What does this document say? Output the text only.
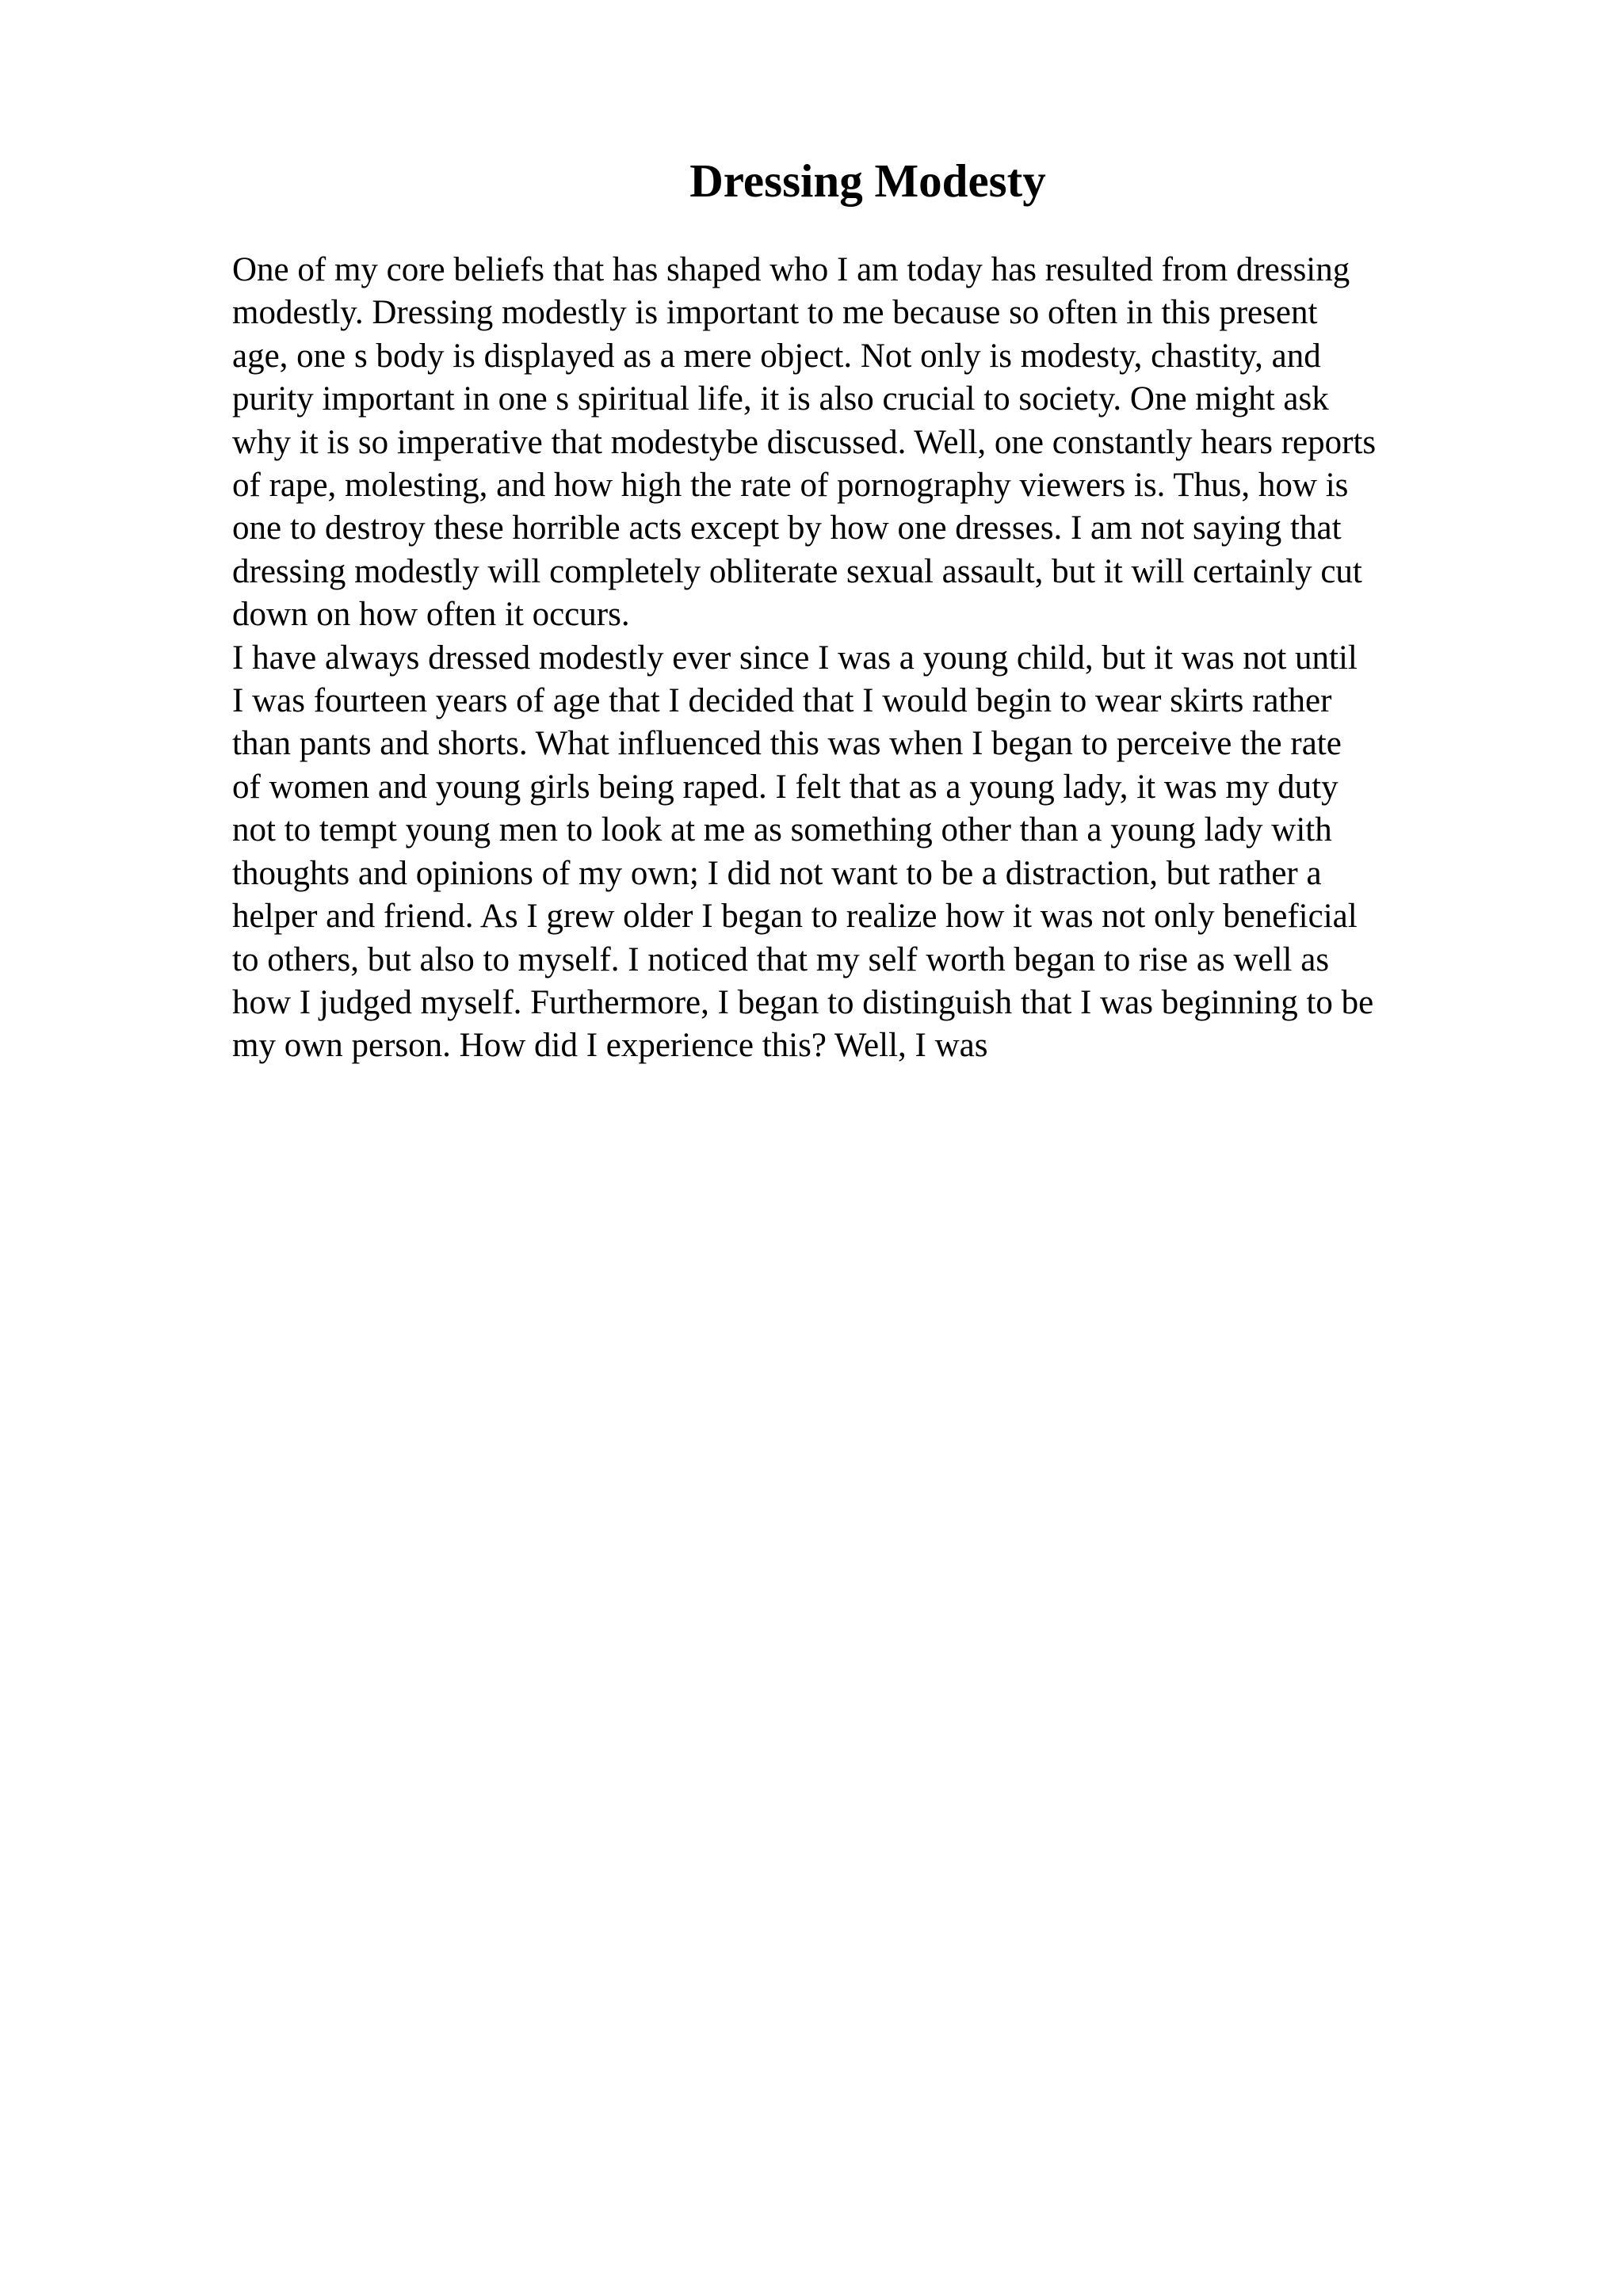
Dressing Modesty
One of my core beliefs that has shaped who I am today has resulted from dressing
modestly. Dressing modestly is important to me because so often in this present
age, one s body is displayed as a mere object. Not only is modesty, chastity, and
purity important in one s spiritual life, it is also crucial to society. One might ask
why it is so imperative that modestybe discussed. Well, one constantly hears reports
of rape, molesting, and how high the rate of pornography viewers is. Thus, how is
one to destroy these horrible acts except by how one dresses. I am not saying that
dressing modestly will completely obliterate sexual assault, but it will certainly cut
down on how often it occurs.
I have always dressed modestly ever since I was a young child, but it was not until
I was fourteen years of age that I decided that I would begin to wear skirts rather
than pants and shorts. What influenced this was when I began to perceive the rate
of women and young girls being raped. I felt that as a young lady, it was my duty
not to tempt young men to look at me as something other than a young lady with
thoughts and opinions of my own; I did not want to be a distraction, but rather a
helper and friend. As I grew older I began to realize how it was not only beneficial
to others, but also to myself. I noticed that my self worth began to rise as well as
how I judged myself. Furthermore, I began to distinguish that I was beginning to be
my own person. How did I experience this? Well, I was
